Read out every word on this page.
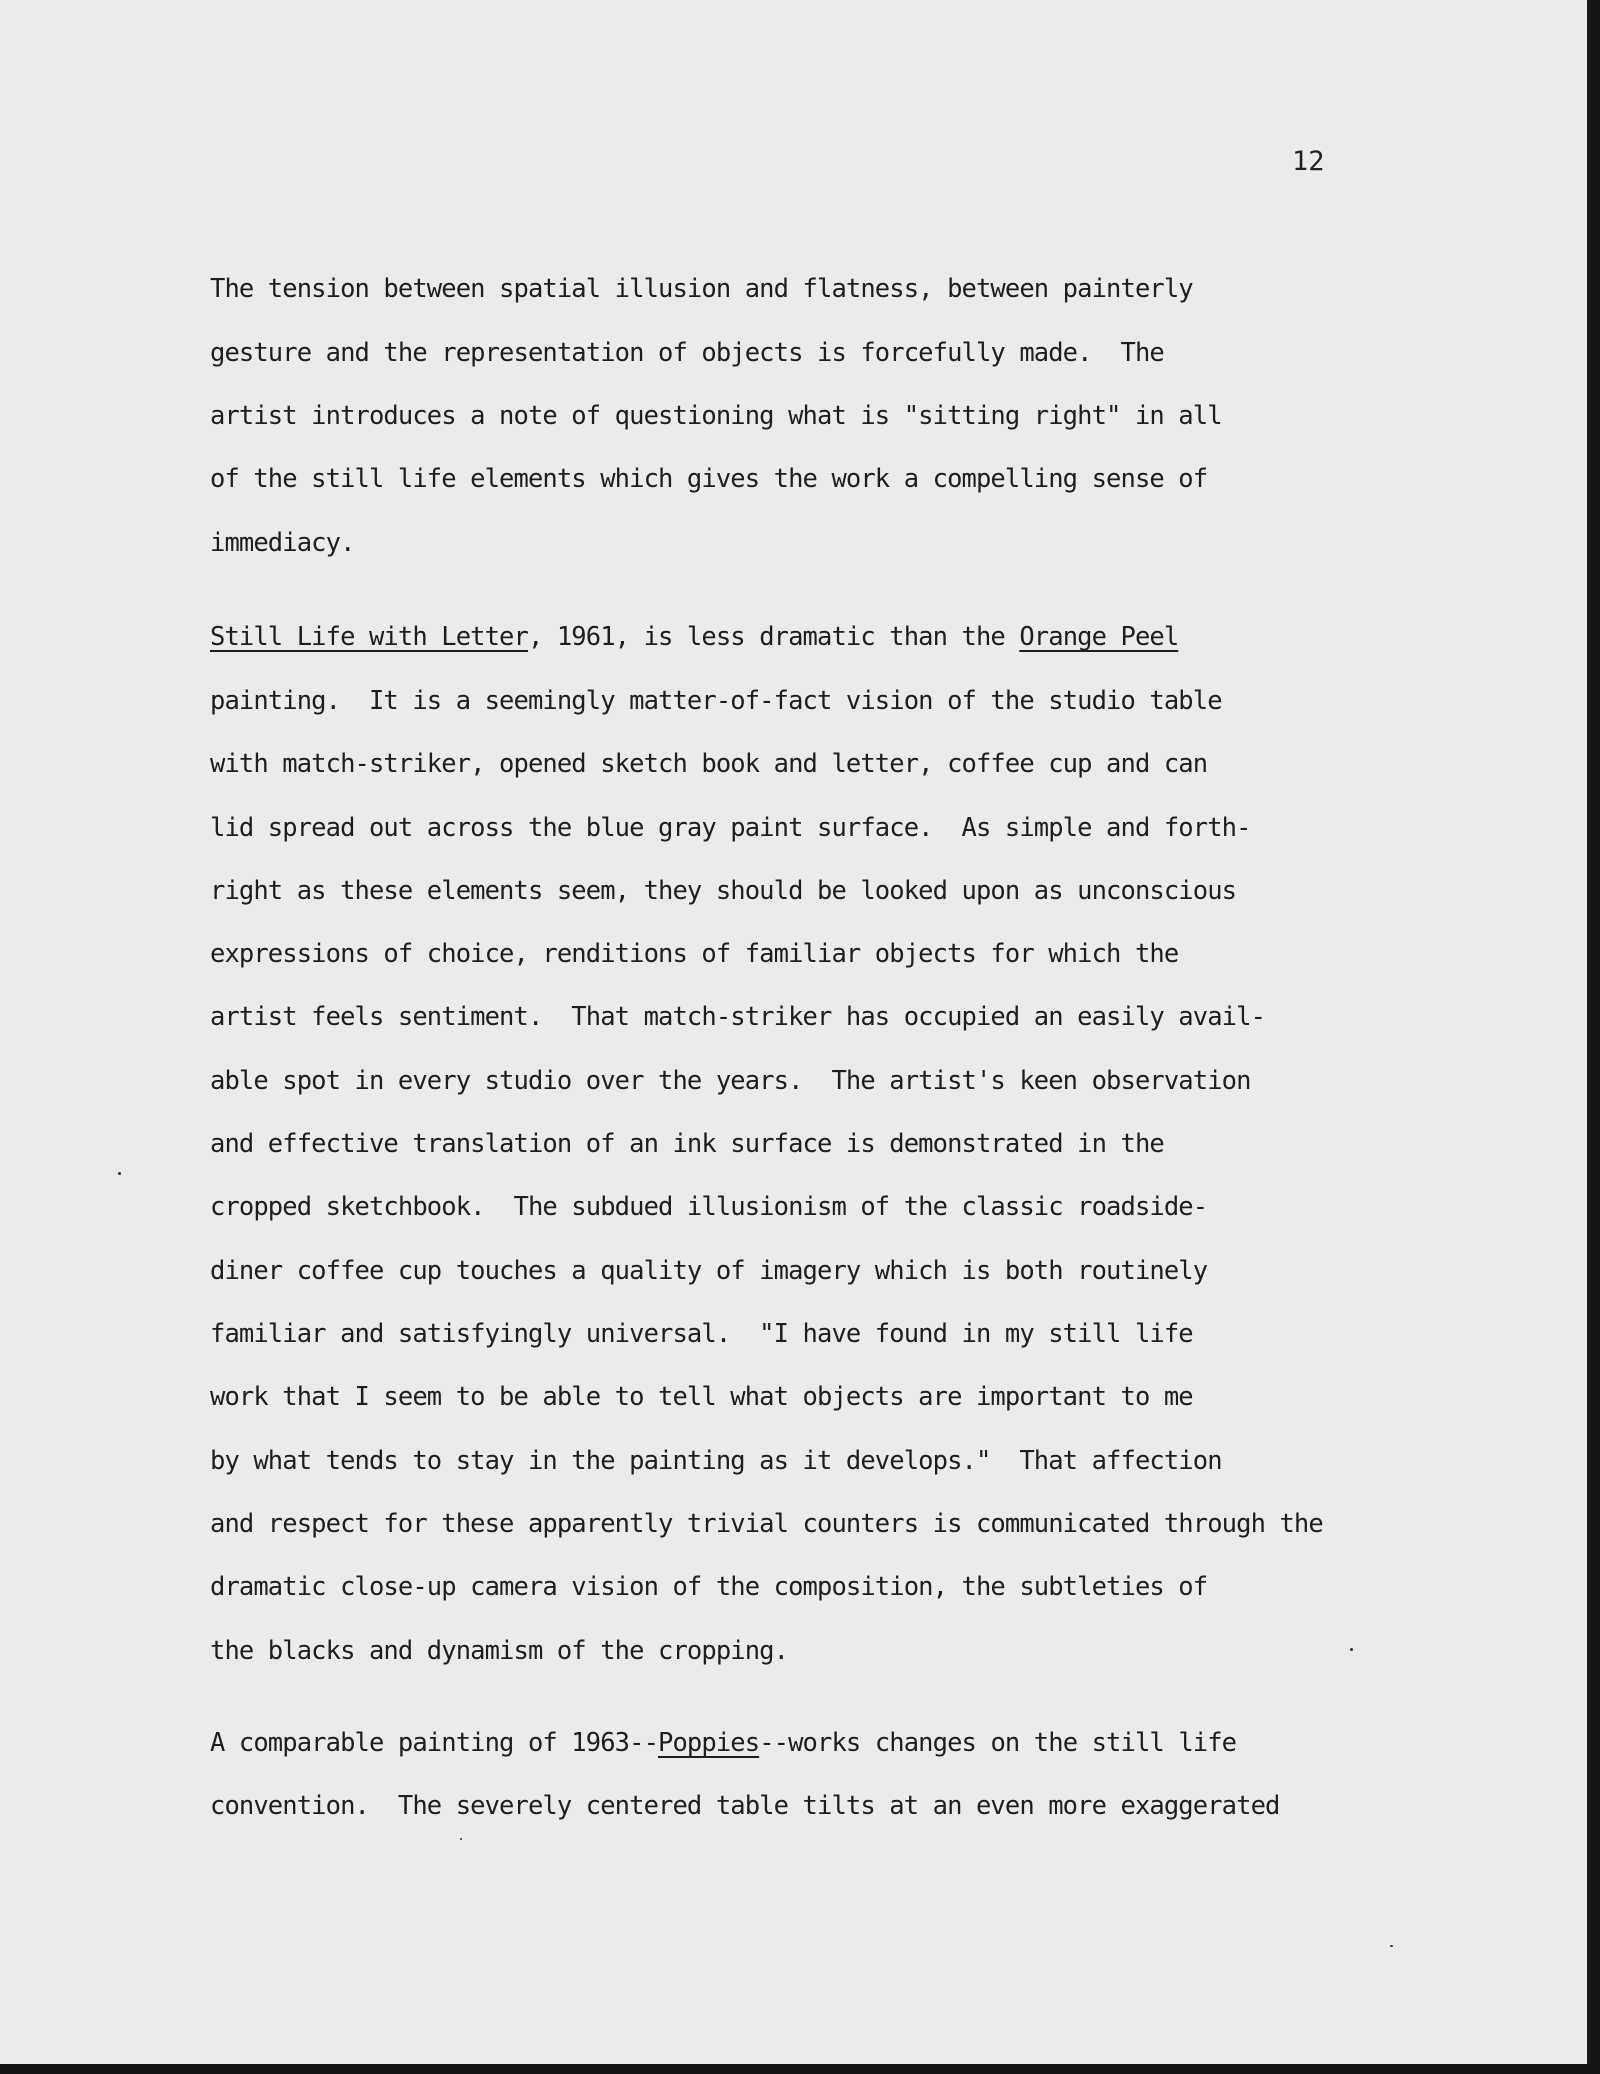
12
The tension between spatial illusion and flatness, between painterly
gesture and the representation of objects is forcefully made.  The
artist introduces a note of questioning what is "sitting right" in all
of the still life elements which gives the work a compelling sense of
immediacy.
Still Life with Letter, 1961, is less dramatic than the Orange Peel
painting.  It is a seemingly matter-of-fact vision of the studio table
with match-striker, opened sketch book and letter, coffee cup and can
lid spread out across the blue gray paint surface.  As simple and forth-
right as these elements seem, they should be looked upon as unconscious
expressions of choice, renditions of familiar objects for which the
artist feels sentiment.  That match-striker has occupied an easily avail-
able spot in every studio over the years.  The artist's keen observation
and effective translation of an ink surface is demonstrated in the
cropped sketchbook.  The subdued illusionism of the classic roadside-
diner coffee cup touches a quality of imagery which is both routinely
familiar and satisfyingly universal.  "I have found in my still life
work that I seem to be able to tell what objects are important to me
by what tends to stay in the painting as it develops."  That affection
and respect for these apparently trivial counters is communicated through the
dramatic close-up camera vision of the composition, the subtleties of
the blacks and dynamism of the cropping.
A comparable painting of 1963--Poppies--works changes on the still life
convention.  The severely centered table tilts at an even more exaggerated
